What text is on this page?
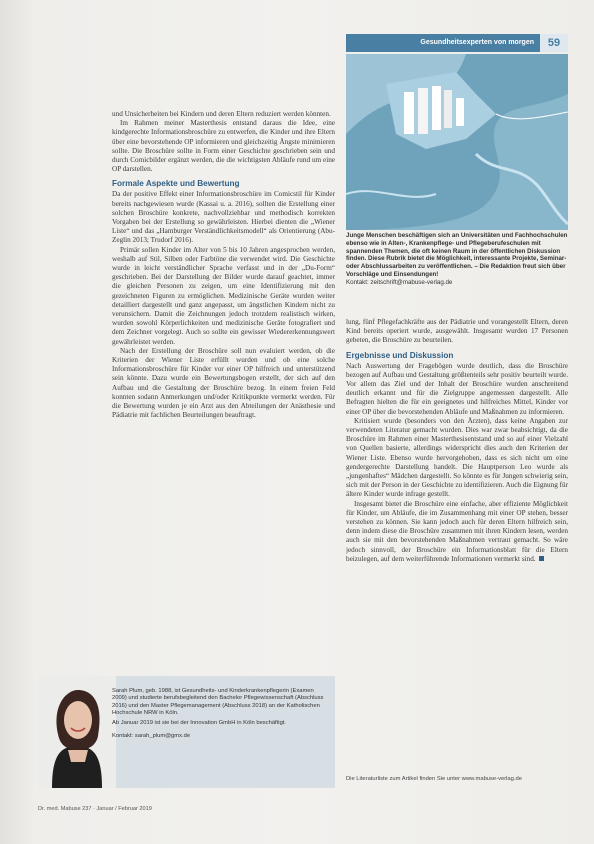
Gesundheitsexperten von morgen	59

Junge Menschen beschäftigen sich an Universitäten und Fachhochschulen ebenso wie in Alten-, Krankenpflege- und Pflegeberufeschulen mit spannenden Themen, die oft keinen Raum in der öffentlichen Diskussion finden. Diese Rubrik bietet die Möglichkeit, interessante Projekte, Seminar- oder Abschlussarbeiten zu veröffentlichen. – Die Redaktion freut sich über Vorschläge und Einsendungen!

Kontakt: zeitschrift@mabuse-verlag.de

und Unsicherheiten bei Kindern und deren Eltern reduziert werden könnten.

Im Rahmen meiner Masterthesis entstand daraus die Idee, eine kindgerechte Informationsbroschüre zu entwerfen, die Kinder und ihre Eltern über eine bevorstehende OP informieren und gleichzeitig Ängste minimieren sollte. Die Broschüre sollte in Form einer Geschichte geschrieben sein und durch Comicbilder ergänzt werden, die die wichtigsten Abläufe rund um eine OP darstellen.

Formale Aspekte und Bewertung

Da der positive Effekt einer Informationsbroschüre im Comicstil für Kinder bereits nachgewiesen wurde (Kassai u. a. 2016), sollten die Erstellung einer solchen Broschüre konkrete, nachvollziehbar und methodisch korrekten Vorgaben bei der Erstellung so gewährleisten. Hierbei dienten die „Wiener Liste“ und das „Hamburger Verständlichkeitsmodell“ als Orientierung (Abu-Zeglin 2013; Trudorf 2016).

Primär sollen Kinder im Alter von 5 bis 10 Jahren angesprochen werden, weshalb auf Stil, Silben oder Farbtöne die verwendet wird. Die Geschichte wurde in leicht verständlicher Sprache verfasst und in der „Du-Form“ geschrieben. Bei der Darstellung der Bilder wurde darauf geachtet, immer die gleichen Personen zu zeigen, um eine Identifizierung mit den gezeichneten Figuren zu ermöglichen. Medizinische Geräte wurden weiter detailliert dargestellt und ganz angepasst, um ängstlichen Kindern nicht zu verunsichern. Damit die Zeichnungen jedoch trotzdem realistisch wirken, wurden sowohl Körperlichkeiten und medizinische Geräte fotografiert und dem Zeichner vorgelegt. Auch so sollte ein gewisser Wiedererkennungswert gewährleistet werden.

Nach der Erstellung der Broschüre soll nun evaluiert werden, ob die Kriterien der Wiener Liste erfüllt wurden und ob eine solche Informationsbroschüre für Kinder vor einer OP hilfreich und unterstützend sein könnte. Dazu wurde ein Bewertungsbogen erstellt, der sich auf den Aufbau und die Gestaltung der Broschüre bezog. In einem freien Feld konnten sodann Anmerkungen und/oder Kritikpunkte vermerkt werden. Für die Bewertung wurden je ein Arzt aus den Abteilungen der Anästhesie und Pädiatrie mit fachlichen Beurteilungen beauftragt.

lung, fünf Pflegefachkräfte aus der Pädiatrie und vorangestellt Eltern, deren Kind bereits operiert wurde, ausgewählt. Insgesamt wurden 17 Personen gebeten, die Broschüre zu beurteilen.

Ergebnisse und Diskussion

Nach Auswertung der Fragebögen wurde deutlich, dass die Broschüre bezogen auf Aufbau und Gestaltung größtenteils sehr positiv beurteilt wurde. Vor allem das Ziel und der Inhalt der Broschüre wurden anschreitend deutlich erkannt und für die Zielgruppe angemessen dargestellt. Alle Befragten hielten die für ein geeignetes und hilfreiches Mittel, Kinder vor einer OP über die bevorstehenden Abläufe und Maßnahmen zu informieren.

Kritisiert wurde (besonders von den Ärzten), dass keine Angaben zur verwendeten Literatur gemacht wurden. Dies war zwar beabsichtigt, da die Broschüre im Rahmen einer Masterthesisentstand und so auf einer Vielzahl von Quellen basierte, allerdings widerspricht dies auch den Kriterien der Wiener Liste. Ebenso wurde hervorgehoben, dass es sich nicht um eine gendergerechte Darstellung handelt. Die Hauptperson Leo wurde als „jungenhaftes“ Mädchen dargestellt. So könnte es für Jungen schwierig sein, sich mit der Person in der Geschichte zu identifizieren. Auch die Eignung für ältere Kinder wurde infrage gestellt.

Insgesamt bietet die Broschüre eine einfache, aber effiziente Möglichkeit für Kinder, um Abläufe, die im Zusammenhang mit einer OP stehen, besser verstehen zu können. Sie kann jedoch auch für deren Eltern hilfreich sein, denn indem diese die Broschüre zusammen mit ihren Kindern lesen, werden auch sie mit den bevorstehenden Maßnahmen vertraut gemacht. So wäre jedoch sinnvoll, der Broschüre ein Informationsblatt für die Eltern beizulegen, auf dem weiterführende Informationen vermerkt sind.

Sarah Plum, geb. 1988, ist Gesundheits- und Kinderkrankenpflegerin (Examen 2009) und studierte berufsbegleitend den Bachelor Pflegewissenschaft (Abschluss 2016) und den Master Pflegemanagement (Abschluss 2018) an der Katholischen Hochschule NRW in Köln.

Ab Januar 2019 ist sie bei der Innovation GmbH in Köln beschäftigt.

Kontakt: sarah_plum@gmx.de

Die Literaturliste zum Artikel finden Sie unter www.mabuse-verlag.de
Dr. med. Mabuse 237 · Januar / Februar 2019
